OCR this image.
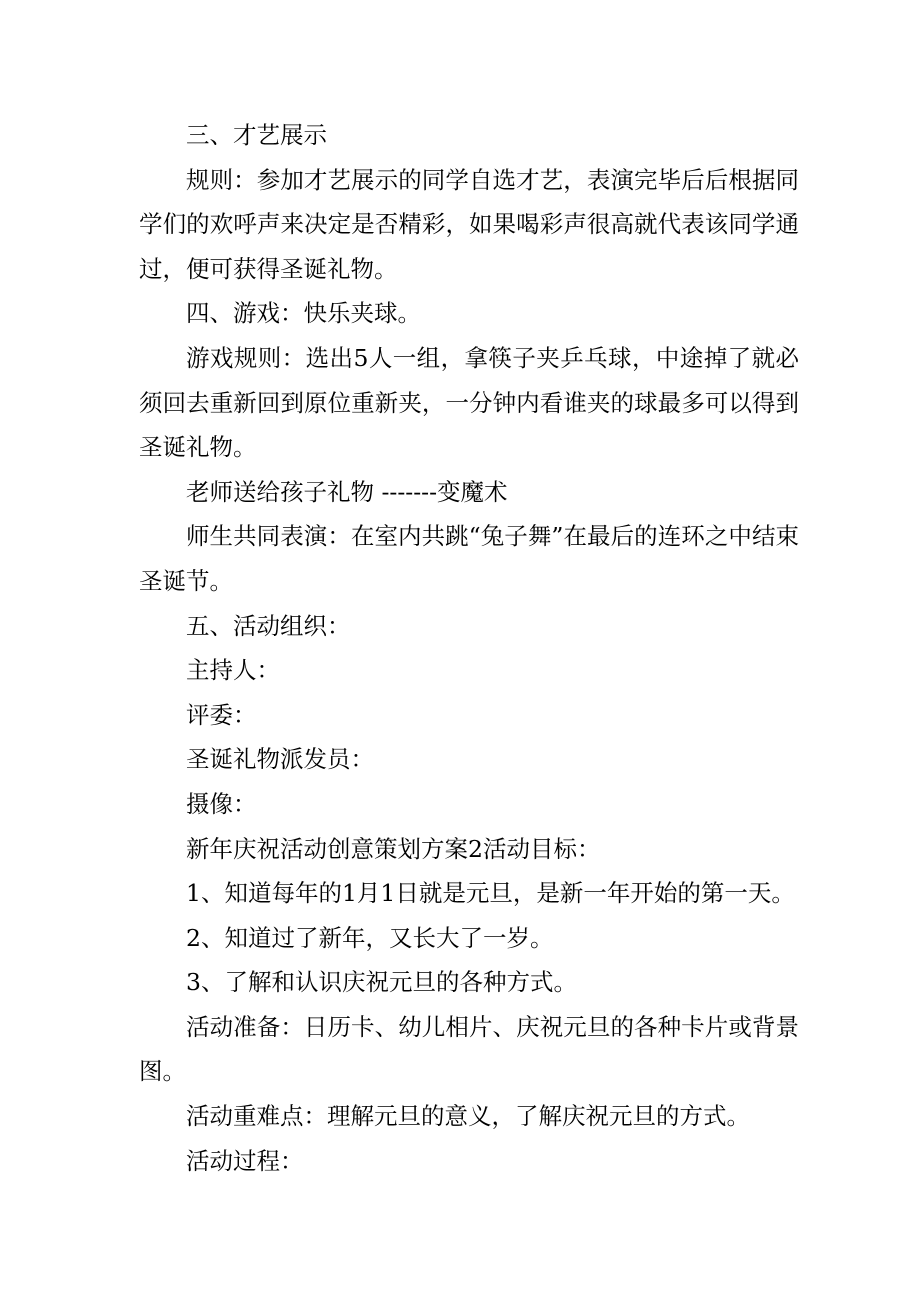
三、才艺展示

规则：参加才艺展示的同学自选才艺，表演完毕后后根据同学们的欢呼声来决定是否精彩，如果喝彩声很高就代表该同学通过，便可获得圣诞礼物。

四、游戏：快乐夹球。

游戏规则：选出5人一组，拿筷子夹乒乓球，中途掉了就必须回去重新回到原位重新夹，一分钟内看谁夹的球最多可以得到圣诞礼物。

老师送给孩子礼物 -------变魔术

师生共同表演：在室内共跳“兔子舞”在最后的连环之中结束圣诞节。

五、活动组织：

主持人：

评委：

圣诞礼物派发员：

摄像：

新年庆祝活动创意策划方案2活动目标：

1、知道每年的1月1日就是元旦，是新一年开始的第一天。

2、知道过了新年，又长大了一岁。

3、了解和认识庆祝元旦的各种方式。

活动准备：日历卡、幼儿相片、庆祝元旦的各种卡片或背景图。

活动重难点：理解元旦的意义，了解庆祝元旦的方式。

活动过程：
